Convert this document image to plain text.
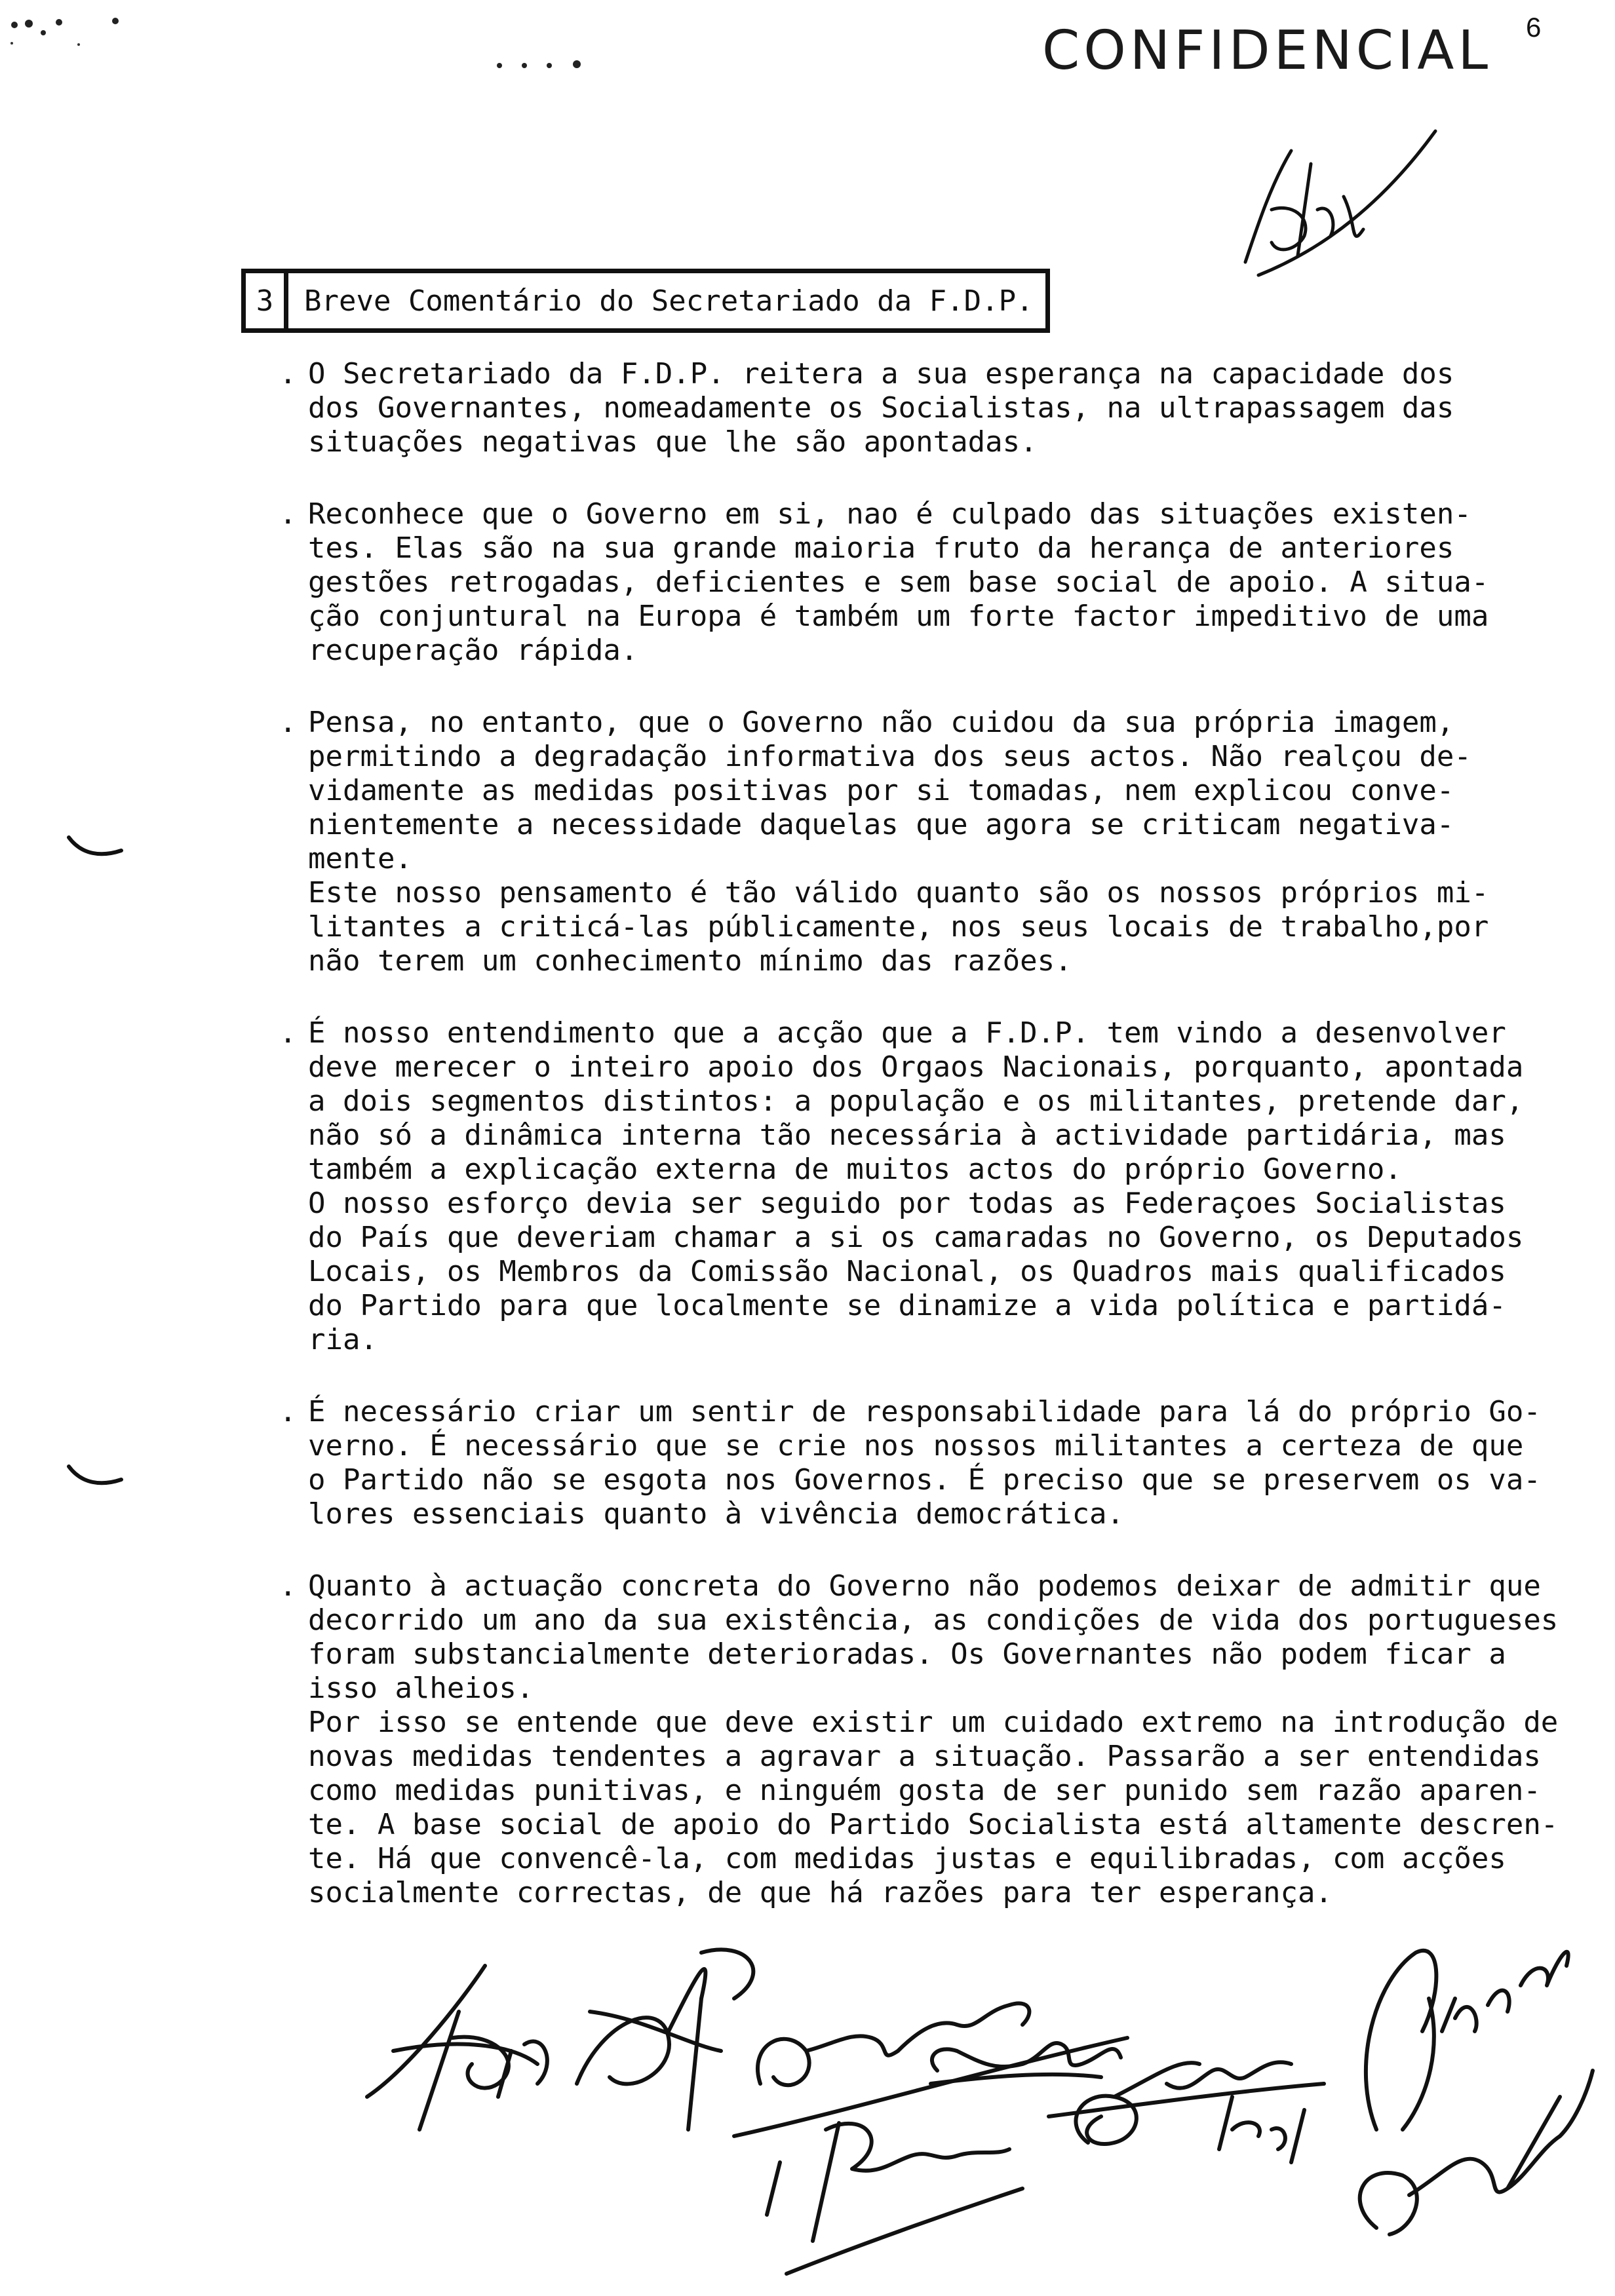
CONFIDENCIAL 6
3	Breve Comentário do Secretariado da F.D.P.
. O Secretariado da F.D.P. reitera a sua esperança na capacidade dos
dos Governantes, nomeadamente os Socialistas, na ultrapassagem das
situações negativas que lhe são apontadas.
. Reconhece que o Governo em si, nao é culpado das situações existen-
tes. Elas são na sua grande maioria fruto da herança de anteriores
gestões retrogadas, deficientes e sem base social de apoio. A situa-
ção conjuntural na Europa é também um forte factor impeditivo de uma
recuperação rápida.
. Pensa, no entanto, que o Governo não cuidou da sua própria imagem,
permitindo a degradação informativa dos seus actos. Não realçou de-
vidamente as medidas positivas por si tomadas, nem explicou conve-
nientemente a necessidade daquelas que agora se criticam negativa-
mente.
Este nosso pensamento é tão válido quanto são os nossos próprios mi-
litantes a criticá-las públicamente, nos seus locais de trabalho,por
não terem um conhecimento mínimo das razões.
. É nosso entendimento que a acção que a F.D.P. tem vindo a desenvolver
deve merecer o inteiro apoio dos Orgaos Nacionais, porquanto, apontada
a dois segmentos distintos: a população e os militantes, pretende dar,
não só a dinâmica interna tão necessária à actividade partidária, mas
também a explicação externa de muitos actos do próprio Governo.
O nosso esforço devia ser seguido por todas as Federaçoes Socialistas
do País que deveriam chamar a si os camaradas no Governo, os Deputados
Locais, os Membros da Comissão Nacional, os Quadros mais qualificados
do Partido para que localmente se dinamize a vida política e partidá-
ria.
. É necessário criar um sentir de responsabilidade para lá do próprio Go-
verno. É necessário que se crie nos nossos militantes a certeza de que
o Partido não se esgota nos Governos. É preciso que se preservem os va-
lores essenciais quanto à vivência democrática.
. Quanto à actuação concreta do Governo não podemos deixar de admitir que
decorrido um ano da sua existência, as condições de vida dos portugueses
foram substancialmente deterioradas. Os Governantes não podem ficar a
isso alheios.
Por isso se entende que deve existir um cuidado extremo na introdução de
novas medidas tendentes a agravar a situação. Passarão a ser entendidas
como medidas punitivas, e ninguém gosta de ser punido sem razão aparen-
te. A base social de apoio do Partido Socialista está altamente descren-
te. Há que convencê-la, com medidas justas e equilibradas, com acções
socialmente correctas, de que há razões para ter esperança.
